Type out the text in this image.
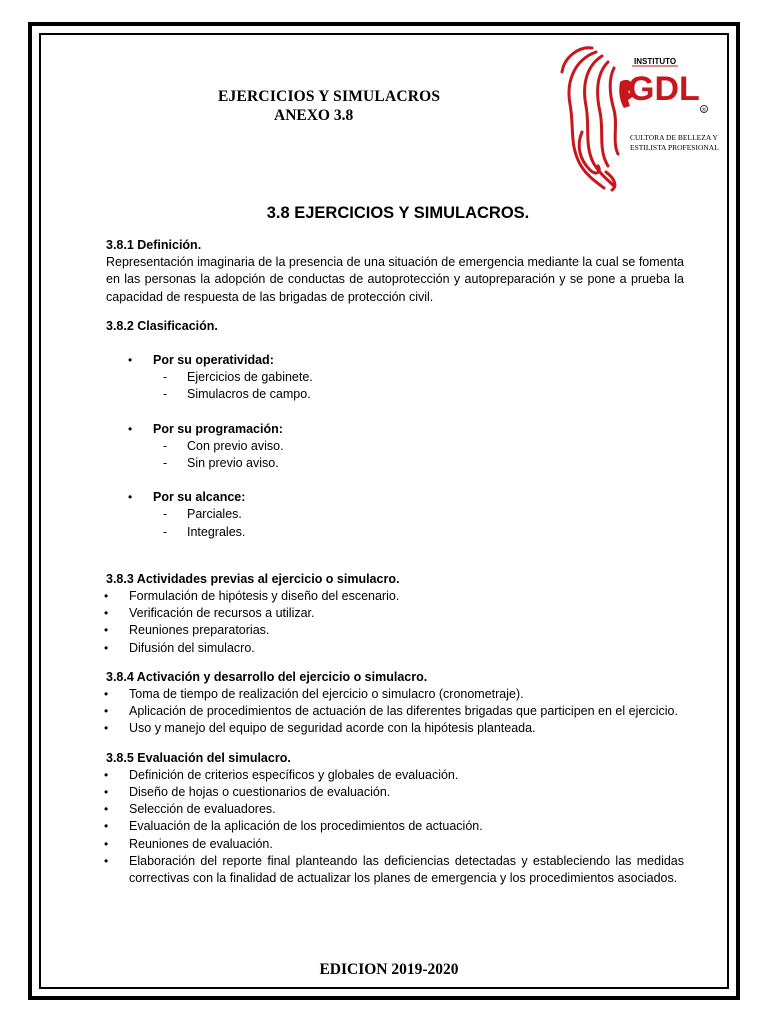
EJERCICIOS Y SIMULACROS
ANEXO 3.8
INSTITUTO
GDL
®
CULTORA DE BELLEZA Y
ESTILISTA PROFESIONAL
3.8 EJERCICIOS Y SIMULACROS.

3.8.1 Definición.

Representación imaginaria de la presencia de una situación de emergencia mediante la cual se fomenta en las personas la adopción de conductas de autoprotección y autopreparación y se pone a prueba la capacidad de respuesta de las brigadas de protección civil.

3.8.2 Clasificación.

• Por su operatividad:
- Ejercicios de gabinete.
- Simulacros de campo.
• Por su programación:
- Con previo aviso.
- Sin previo aviso.
• Por su alcance:
- Parciales.
- Integrales.

3.8.3 Actividades previas al ejercicio o simulacro.

• Formulación de hipótesis y diseño del escenario.
• Verificación de recursos a utilizar.
• Reuniones preparatorias.
• Difusión del simulacro.

3.8.4 Activación y desarrollo del ejercicio o simulacro.

• Toma de tiempo de realización del ejercicio o simulacro (cronometraje).
• Aplicación de procedimientos de actuación de las diferentes brigadas que participen en el ejercicio.
• Uso y manejo del equipo de seguridad acorde con la hipótesis planteada.

3.8.5 Evaluación del simulacro.

• Definición de criterios específicos y globales de evaluación.
• Diseño de hojas o cuestionarios de evaluación.
• Selección de evaluadores.
• Evaluación de la aplicación de los procedimientos de actuación.
• Reuniones de evaluación.
• Elaboración del reporte final planteando las deficiencias detectadas y estableciendo las medidas correctivas con la finalidad de actualizar los planes de emergencia y los procedimientos asociados.
EDICION 2019-2020
